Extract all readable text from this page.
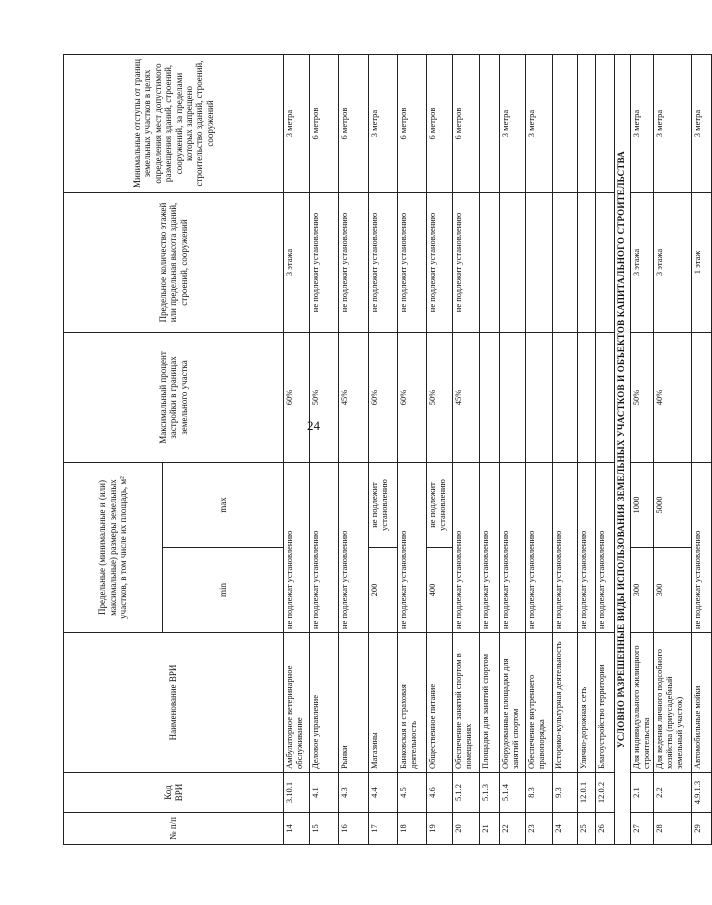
24
№ п/п	Код ВРИ	Наименование ВРИ	Предельные (минимальные и (или) максимальные) размеры земельных участков, в том числе их площадь, м²		Максимальный процент застройки в границах земельного участка	Предельное количество этажей или предельная высота зданий, строений, сооружений	Минимальные отступы от границ земельных участков в целях определения мест допустимого размещения зданий, строений, сооружений, за пределами которых запрещено строительство зданий, строений, сооружений
			min	max			
14	3.10.1	Амбулаторное ветеринарное обслуживание	не подлежат установлению		60%	3 этажа	3 метра
15	4.1	Деловое управление	не подлежат установлению		50%	не подлежит установлению	6 метров
16	4.3	Рынки	не подлежат установлению		45%	не подлежит установлению	6 метров
17	4.4	Магазины	200	не подлежит установлению	60%	не подлежит установлению	3 метра
18	4.5	Банковская и страховая деятельность	не подлежат установлению		60%	не подлежит установлению	6 метров
19	4.6	Общественное питание	400	не подлежит установлению	50%	не подлежит установлению	6 метров
20	5.1.2	Обеспечение занятий спортом в помещениях	не подлежат установлению		45%	не подлежит установлению	6 метров
21	5.1.3	Площадки для занятий спортом	не подлежат установлению				
22	5.1.4	Оборудованные площадки для занятий спортом	не подлежат установлению				3 метра
23	8.3	Обеспечение внутреннего правопорядка	не подлежат установлению				3 метра
24	9.3	Историко-культурная деятельность	не подлежат установлению				
25	12.0.1	Улично-дорожная сеть	не подлежат установлению				
26	12.0.2	Благоустройство территории	не подлежат установлению				
УСЛОВНО РАЗРЕШЕННЫЕ ВИДЫ ИСПОЛЬЗОВАНИЯ ЗЕМЕЛЬНЫХ УЧАСТКОВ И ОБЪЕКТОВ КАПИТАЛЬНОГО СТРОИТЕЛЬСТВА							
27	2.1	Для индивидуального жилищного строительства	300	1000	50%	3 этажа	3 метра
28	2.2	Для ведения личного подсобного хозяйства (приусадебный земельный участок)	300	5000	40%	3 этажа	3 метра
29	4.9.1.3	Автомобильные мойки	не подлежат установлению			1 этаж	3 метра
